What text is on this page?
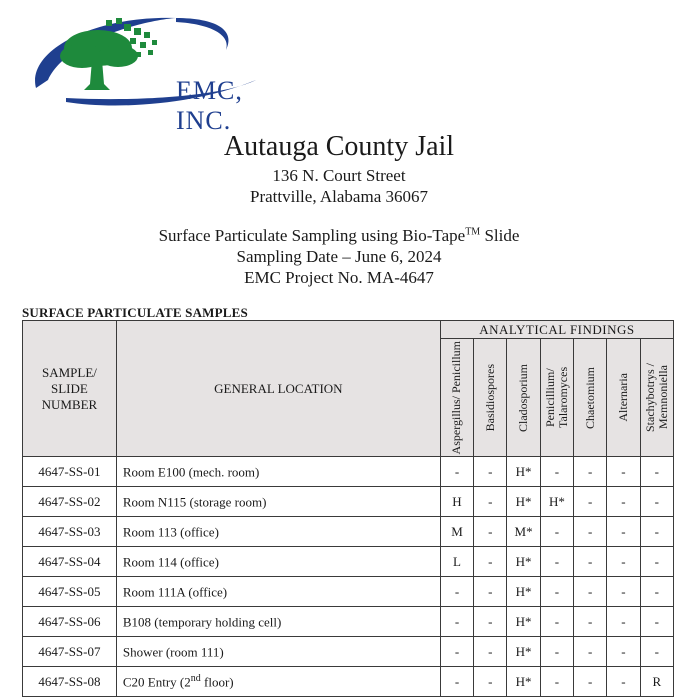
EMC, INC.
Autauga County Jail
136 N. Court Street
Prattville, Alabama 36067
Surface Particulate Sampling using Bio-Tape™ Slide
Sampling Date – June 6, 2024
EMC Project No. MA-4647
SURFACE PARTICULATE SAMPLES
SAMPLE/
SLIDE
NUMBER	GENERAL LOCATION	ANALYTICAL FINDINGS						

		Aspergillus/ Penicillum	Basidiospores	Cladosporium	Penicillium/ Talaromyces	Chaetomium	Alternaria	Stachybotrys / Memnoniella

4647-SS-01	Room E100 (mech. room)	-	-	H*	-	-	-	-
4647-SS-02	Room N115 (storage room)	H	-	H*	H*	-	-	-
4647-SS-03	Room 113 (office)	M	-	M*	-	-	-	-
4647-SS-04	Room 114 (office)	L	-	H*	-	-	-	-
4647-SS-05	Room 111A (office)	-	-	H*	-	-	-	-
4647-SS-06	B108 (temporary holding cell)	-	-	H*	-	-	-	-
4647-SS-07	Shower (room 111)	-	-	H*	-	-	-	-
4647-SS-08	C20 Entry (2nd floor)	-	-	H*	-	-	-	R
